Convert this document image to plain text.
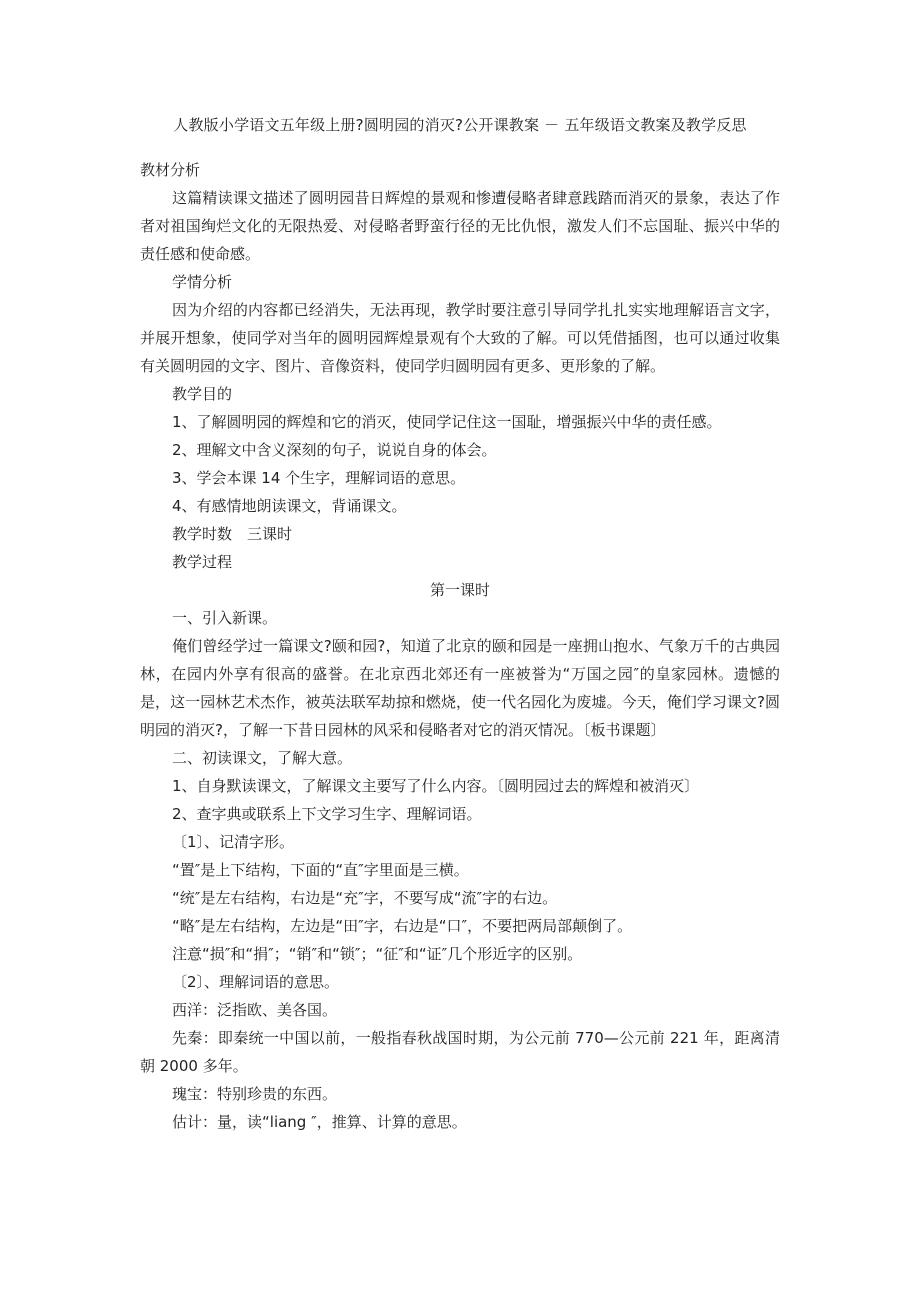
人教版小学语文五年级上册?圆明园的消灭?公开课教案 － 五年级语文教案及教学反思

教材分析

这篇精读课文描述了圆明园昔日辉煌的景观和惨遭侵略者肆意践踏而消灭的景象，表达了作者对祖国绚烂文化的无限热爱、对侵略者野蛮行径的无比仇恨，激发人们不忘国耻、振兴中华的责任感和使命感。

学情分析

因为介绍的内容都已经消失，无法再现，教学时要注意引导同学扎扎实实地理解语言文字，并展开想象，使同学对当年的圆明园辉煌景观有个大致的了解。可以凭借插图，也可以通过收集有关圆明园的文字、图片、音像资料，使同学归圆明园有更多、更形象的了解。

教学目的

1、了解圆明园的辉煌和它的消灭，使同学记住这一国耻，增强振兴中华的责任感。

2、理解文中含义深刻的句子，说说自身的体会。

3、学会本课 14 个生字，理解词语的意思。

4、有感情地朗读课文，背诵课文。

教学时数　三课时

教学过程

第一课时

一、引入新课。

俺们曾经学过一篇课文?颐和园?，知道了北京的颐和园是一座拥山抱水、气象万千的古典园林，在园内外享有很高的盛誉。在北京西北郊还有一座被誉为“万国之园″的皇家园林。遗憾的是，这一园林艺术杰作，被英法联军劫掠和燃烧，使一代名园化为废墟。今天，俺们学习课文?圆明园的消灭?，了解一下昔日园林的风采和侵略者对它的消灭情况。〔板书课题〕

二、初读课文，了解大意。

1、自身默读课文，了解课文主要写了什么内容。〔圆明园过去的辉煌和被消灭〕

2、查字典或联系上下文学习生字、理解词语。

〔1〕、记清字形。

“置″是上下结构，下面的“直″字里面是三横。

“统″是左右结构，右边是“充″字，不要写成“流″字的右边。

“略″是左右结构，左边是“田″字，右边是“口″，不要把两局部颠倒了。

注意“损″和“捐″；“销″和“锁″；“征″和“证″几个形近字的区别。

〔2〕、理解词语的意思。

西洋：泛指欧、美各国。

先秦：即秦统一中国以前，一般指春秋战国时期，为公元前 770—公元前 221 年，距离清朝 2000 多年。

瑰宝：特别珍贵的东西。

估计：量，读“liang ″，推算、计算的意思。
